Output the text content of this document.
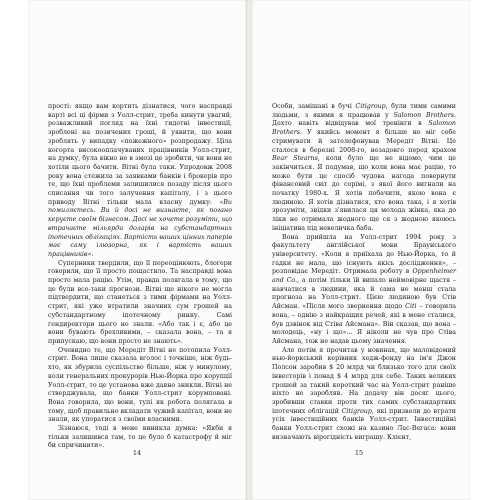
простi: якщо вам кортить дiзнатися, чого насправдi вартi всi цi фiрми з Уолл-стрит, треба кинути увагий, розважливий погляд на їхнi гидотнi iнвестицiї, зробленi на позичених грошi, й уявити, що вони зроблять у випадку «пожежного» розпродажу. Цiла когорта високооплачуваних працiвникiв Уолл-стрит, на думку, була вiкно не в змозi це зробити, чи вони не хотiли цього бачити. Вiтнi була таки. Упродовж 2008 року вона стежила за заявками банкiв i брокерiв про те, що їхнi проблеми залишилися позаду пiсля цього списання чи того залучення капiталу, i з цього приводу Вiтнi тiльки мала власну думку: «Ви помиляєтесь. Ви й досi не визнаєте, як погано керуєте своїм бiзнесом. Досi не хочете розумiти, що втрачаєте мiльярди доларiв на субстандартних iпотечних облiгацiях. Вартiсть ваших цiнних паперiв має саму iлюзорна, як i вартiсть ваших працiвникiв».

Суперники твердили, що її переоцiнюють, блогери говорили, що її просто пощастило. Та насправдi вона просто мала рацiю. Утiм, правда полягала в тому, що це були все-таки прогнози. Вiтнi ще нiкого не могла пiдтвердити, що станеться з тими фiрмами на Уолл-стрит, якi уже втратили значних сум грошей на субстандартному iпотечному ринку. Самi гендиректори цього не знали. «Або так i є, або це вони бувають брехливими, – сказала вона, – та я припускаю, що вони просто не знають».

Очевидно те, що Мередiт Вiтнi не потопила Уолл-стрит. Вона лише сказала вголос i точнiше, нiж будь-хто, як збурила суспiльство бiльше, нiж у минулому, коли генеральних прокурорiв Нью-Йорка про корупцiї Уолл-стрит, то це установа вже давно зникли. Вiтнi не стверджувала, що банки Уолл-стрит корумпованi. Вона говорила, що вони, тупi як робота полягала в тому, щоб правильно вкладати чужий капiтал, вони не знали, як упоратися з своїми власними.

Зiзнаюся, тодi в мене виникла думка: «Якби я тiльки залишився там, то це було б катастрофу й мiг би спричинити».

14

Особи, замiшанi в бучi Citigroup, були тими самими людьми, з якими я працював у Salomon Brothers. Дехто навiть вiдвiдував мої тренiнги в Salomon Brothers. У якийсь момент я бiльше не мiг себе стримувати й зателефонував Мередiт Вiтнi. Це сталося в березнi 2008-го, незадовго перед крахом Bear Stearns, коли було ще не вiдомо, чим це закiнчиться. Я подумав, що коли вона має рацiю, то може бути це спосiб чудова нагода повернути фiнансовий свiт до сорiмi, з якої його вигнали на початку 1980-х. Я хотiв побачити, якою вона є людиною. Я хотiв дiзнатися, хто вона така, i я хотiв зрозумiти, звiдки з'явилася ця молода жiнка, яка до лiки не отримала жодного ще ся з жодною якоюсь iнiцiатива пiд невеличка баба.

Вона прийшла на Уолл-стрит 1994 року з факультету англiйської мови Браунського унiверситету. «Коли я приїхала до Нью-Йорка, то й гадки не мала, що iснують якiсь дослiдження», – розповiдає Мередiт. Отримала роботу в Oppenheimer and Co., а потiм тiльки їй випало неймовiрне щастя – навчатися в людини, яка й сама не менш стала прогноза на Уолл-стрит. Цiєю людиною був Стiв Айсман. «Пiсля мого звернення щодо Citi – говорила вона, – однiю з найкращих речей, якi в мене сталися, був дзвiнок вiд Стiва Айсмана». Вiн сказав, що вона – молодець, «ну i що»... Я нiколи не чув про Стiва Айсмана, тож не надав цьому значення.

Але потiм я прочитав у новинах, що маловiдомий нью-йоркський керiвник хедж-фонду на iм'я Джон Полсон заробив $ 20 млрд чи близько того для своїх iнвесторiв i понад $ 4 млрд для себе. Таких великих грошей за такий короткий час на Уолл-стрит ранiше нiхто не заробляв. На додачу вiн досяг цього, зробивши ставки проти тих самих субстандартних iпотечних облiгацiй Citigroup, якi призвели до втрати усiх iнвестицiйних банкiв Уолл-стрит. Iнвестицiйнi банки Уолл-стрит схожi на казино Лас-Вегаса: вони визначають вiрогiднiсть виграшу. Клiєнт,

15
